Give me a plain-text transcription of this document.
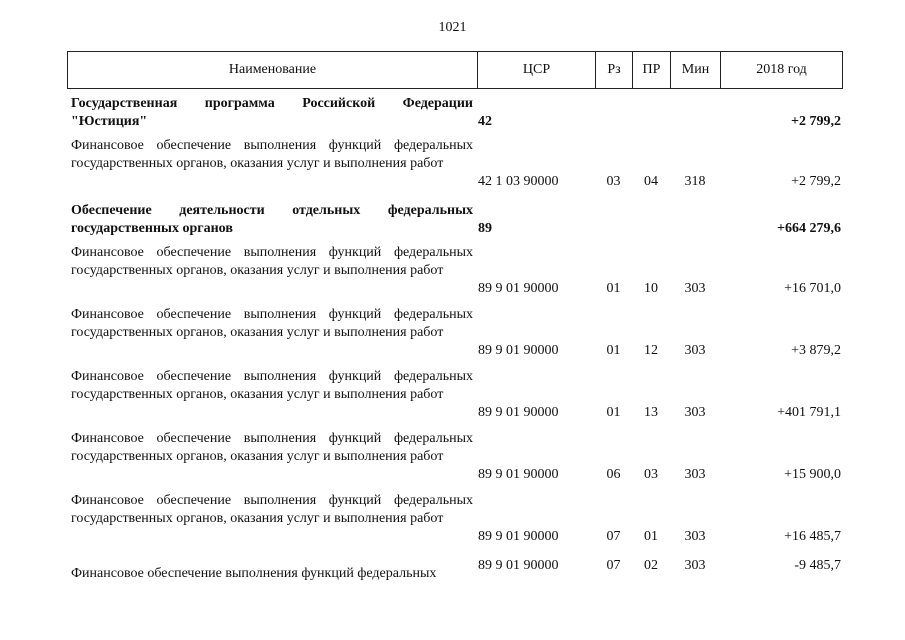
1021
Наименование	ЦСР	Рз	ПР	Мин	2018 год
Государственная программа Российской Федерации "Юстиция"	42	+2 799,2
Финансовое обеспечение выполнения функций федеральных государственных органов, оказания услуг и выполнения работ
42 1 03 90000	03	04	318	+2 799,2
Обеспечение деятельности отдельных федеральных государственных органов	89	+664 279,6
Финансовое обеспечение выполнения функций федеральных государственных органов, оказания услуг и выполнения работ
89 9 01 90000	01	10	303	+16 701,0
Финансовое обеспечение выполнения функций федеральных государственных органов, оказания услуг и выполнения работ
89 9 01 90000	01	12	303	+3 879,2
Финансовое обеспечение выполнения функций федеральных государственных органов, оказания услуг и выполнения работ
89 9 01 90000	01	13	303	+401 791,1
Финансовое обеспечение выполнения функций федеральных государственных органов, оказания услуг и выполнения работ
89 9 01 90000	06	03	303	+15 900,0
Финансовое обеспечение выполнения функций федеральных государственных органов, оказания услуг и выполнения работ
89 9 01 90000	07	01	303	+16 485,7
Финансовое обеспечение выполнения функций федеральных
89 9 01 90000	07	02	303	-9 485,7
